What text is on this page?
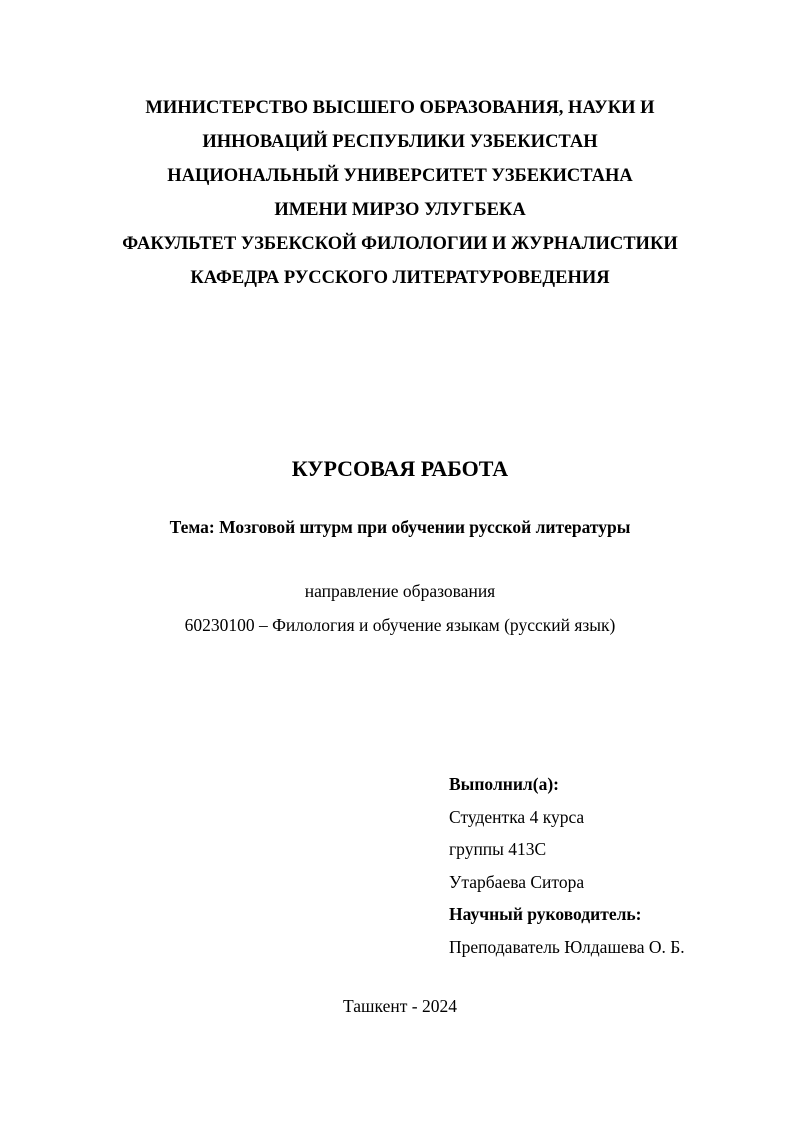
МИНИСТЕРСТВО ВЫСШЕГО ОБРАЗОВАНИЯ, НАУКИ И
ИННОВАЦИЙ РЕСПУБЛИКИ УЗБЕКИСТАН
НАЦИОНАЛЬНЫЙ УНИВЕРСИТЕТ УЗБЕКИСТАНА
ИМЕНИ МИРЗО УЛУГБЕКА
ФАКУЛЬТЕТ УЗБЕКСКОЙ ФИЛОЛОГИИ И ЖУРНАЛИСТИКИ
КАФЕДРА РУССКОГО ЛИТЕРАТУРОВЕДЕНИЯ
КУРСОВАЯ РАБОТА
Тема: Мозговой штурм при обучении русской литературы
направление образования
60230100 – Филология и обучение языкам (русский язык)
Выполнил(а):
Студентка 4 курса
группы 413С
Утарбаева Ситора
Научный руководитель:
Преподаватель Юлдашева О. Б.
Ташкент - 2024
